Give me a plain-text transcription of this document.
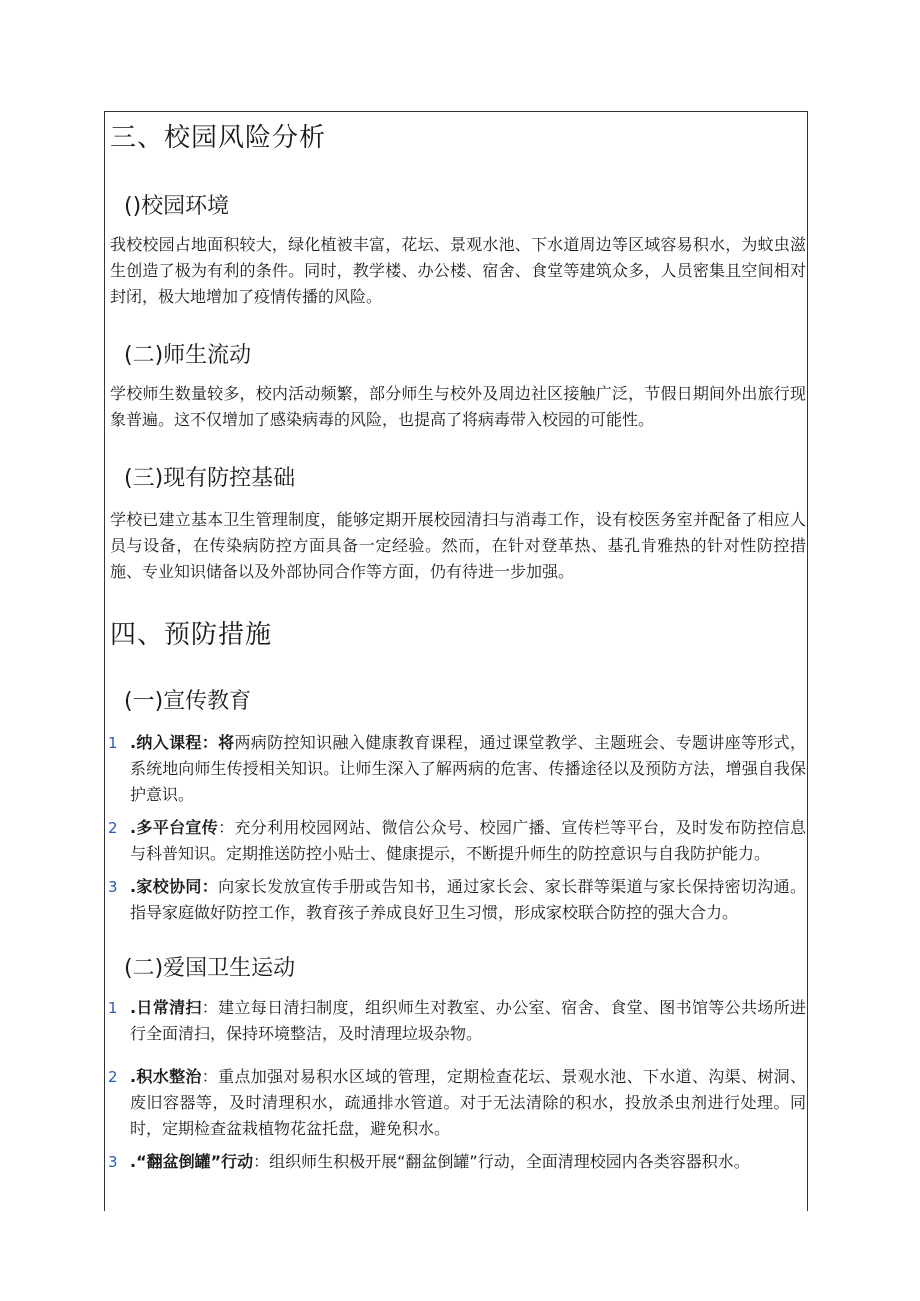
三、校园风险分析
(​)校园环境

我校校园占地面积较大，绿化植被丰富，花坛、景观水池、下水道周边等区域容易积水，为蚊虫滋生创造了极为有利的条件。同时，教学楼、办公楼、宿舍、食堂等建筑众多，人员密集且空间相对封闭，极大地增加了疫情传播的风险。

(二)师生流动

学校师生数量较多，校内活动频繁，部分师生与校外及周边社区接触广泛，节假日期间外出旅行现象普遍。这不仅增加了感染病毒的风险，也提高了将病毒带入校园的可能性。

(三)现有防控基础

学校已建立基本卫生管理制度，能够定期开展校园清扫与消毒工作，设有校医务室并配备了相应人员与设备，在传染病防控方面具备一定经验。然而，在针对登革热、基孔肯雅热的针对性防控措施、专业知识储备以及外部协同合作等方面，仍有待进一步加强。

四、预防措施
(一)宣传教育
1 .纳入课程：将两病防控知识融入健康教育课程，通过课堂教学、主题班会、专题讲座等形式，系统地向师生传授相关知识。让师生深入了解两病的危害、传播途径以及预防方法，增强自我保护意识。
2 .多平台宣传：充分利用校园网站、微信公众号、校园广播、宣传栏等平台，及时发布防控信息与科普知识。定期推送防控小贴士、健康提示，不断提升师生的防控意识与自我防护能力。
3 .家校协同：向家长发放宣传手册或告知书，通过家长会、家长群等渠道与家长保持密切沟通。指导家庭做好防控工作，教育孩子养成良好卫生习惯，形成家校联合防控的强大合力。
(二)爱国卫生运动
1 .日常清扫：建立每日清扫制度，组织师生对教室、办公室、宿舍、食堂、图书馆等公共场所进行全面清扫，保持环境整洁，及时清理垃圾杂物。
2 .积水整治：重点加强对易积水区域的管理，定期检查花坛、景观水池、下水道、沟渠、树洞、废旧容器等，及时清理积水，疏通排水管道。对于无法清除的积水，投放杀虫剂进行处理。同时，定期检查盆栽植物花盆托盘，避免积水。
3 .“翻盆倒罐”行动：组织师生积极开展“翻盆倒罐”行动，全面清理校园内各类容器积水。
